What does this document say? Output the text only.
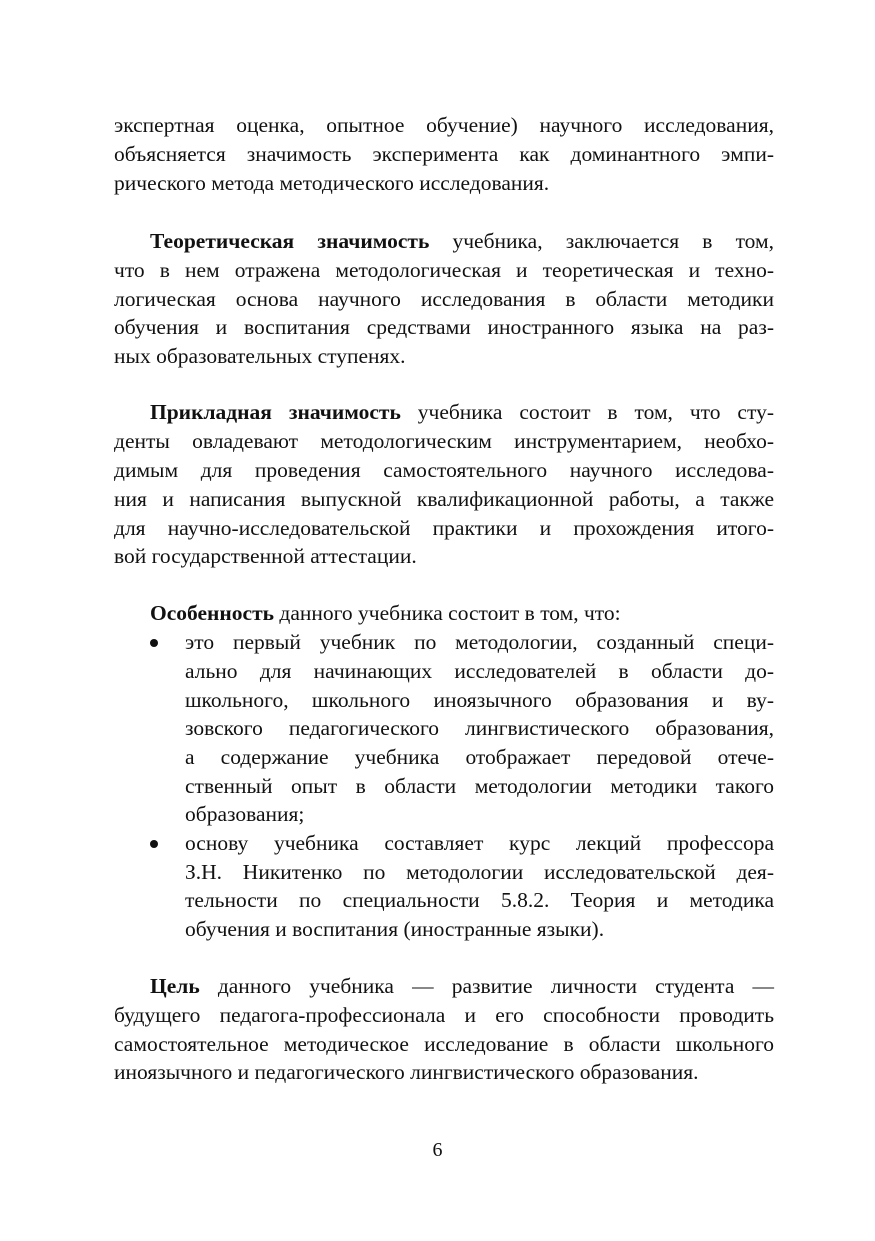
экспертная оценка, опытное обучение) научного исследования,
объясняется значимость эксперимента как доминантного эмпи-
рического метода методического исследования.
Теоретическая значимость учебника, заключается в том,
что в нем отражена методологическая и теоретическая и техно-
логическая основа научного исследования в области методики
обучения и воспитания средствами иностранного языка на раз-
ных образовательных ступенях.
Прикладная значимость учебника состоит в том, что сту-
денты овладевают методологическим инструментарием, необхо-
димым для проведения самостоятельного научного исследова-
ния и написания выпускной квалификационной работы, а также
для научно-исследовательской практики и прохождения итого-
вой государственной аттестации.
Особенность данного учебника состоит в том, что:
это первый учебник по методологии, созданный специ-
ально для начинающих исследователей в области до-
школьного, школьного иноязычного образования и ву-
зовского педагогического лингвистического образования,
а содержание учебника отображает передовой отече-
ственный опыт в области методологии методики такого
образования;
основу учебника составляет курс лекций профессора
З.Н. Никитенко по методологии исследовательской дея-
тельности по специальности 5.8.2. Теория и методика
обучения и воспитания (иностранные языки).
Цель данного учебника — развитие личности студента —
будущего педагога-профессионала и его способности проводить
самостоятельное методическое исследование в области школьного
иноязычного и педагогического лингвистического образования.
6
